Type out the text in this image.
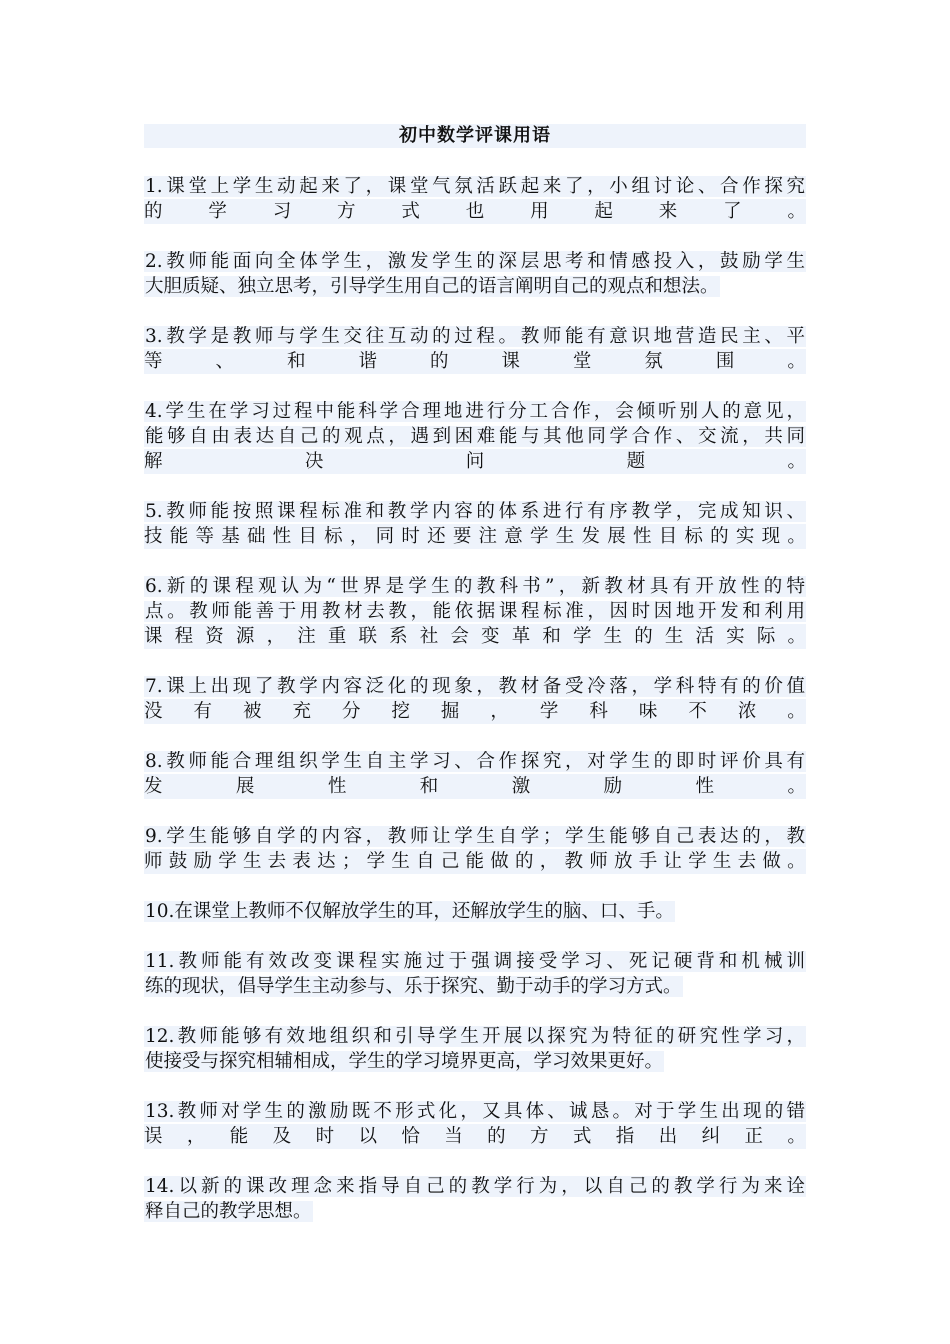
初中数学评课用语
1.课堂上学生动起来了，课堂气氛活跃起来了，小组讨论、合作探究
的 学 习 方 式 也 用 起 来 了 。
2.教师能面向全体学生，激发学生的深层思考和情感投入，鼓励学生
大胆质疑、独立思考，引导学生用自己的语言阐明自己的观点和想法。
3.教学是教师与学生交往互动的过程。教师能有意识地营造民主、平
等	、	和	谐	的	课	堂	氛	围	。
4.学生在学习过程中能科学合理地进行分工合作，会倾听别人的意见，
能够自由表达自己的观点，遇到困难能与其他同学合作、交流，共同
解	决	问	题	。
5.教师能按照课程标准和教学内容的体系进行有序教学，完成知识、
技 能 等 基 础 性 目 标 ， 同 时 还 要 注 意 学 生 发 展 性 目 标 的 实 现 。
6.新的课程观认为“世界是学生的教科书”，新教材具有开放性的特
点。教师能善于用教材去教，能依据课程标准，因时因地开发和利用
课 程 资 源 ， 注 重 联 系 社 会 变 革 和 学 生 的 生 活 实 际 。
7.课上出现了教学内容泛化的现象，教材备受冷落，学科特有的价值
没 有 被 充 分 挖 掘 ， 学 科 味 不 浓 。
8.教师能合理组织学生自主学习、合作探究，对学生的即时评价具有
发	展	性	和	激	励	性	。
9.学生能够自学的内容，教师让学生自学；学生能够自己表达的，教
师 鼓 励 学 生 去 表 达 ； 学 生 自 己 能 做 的 ， 教 师 放 手 让 学 生 去 做 。
10.在课堂上教师不仅解放学生的耳，还解放学生的脑、口、手。
11.教师能有效改变课程实施过于强调接受学习、死记硬背和机械训
练的现状，倡导学生主动参与、乐于探究、勤于动手的学习方式。
12.教师能够有效地组织和引导学生开展以探究为特征的研究性学习，
使接受与探究相辅相成，学生的学习境界更高，学习效果更好。
13.教师对学生的激励既不形式化，又具体、诚恳。对于学生出现的错
误 ， 能 及 时 以 恰 当 的 方 式 指 出 纠 正 。
14.以新的课改理念来指导自己的教学行为，以自己的教学行为来诠
释自己的教学思想。
